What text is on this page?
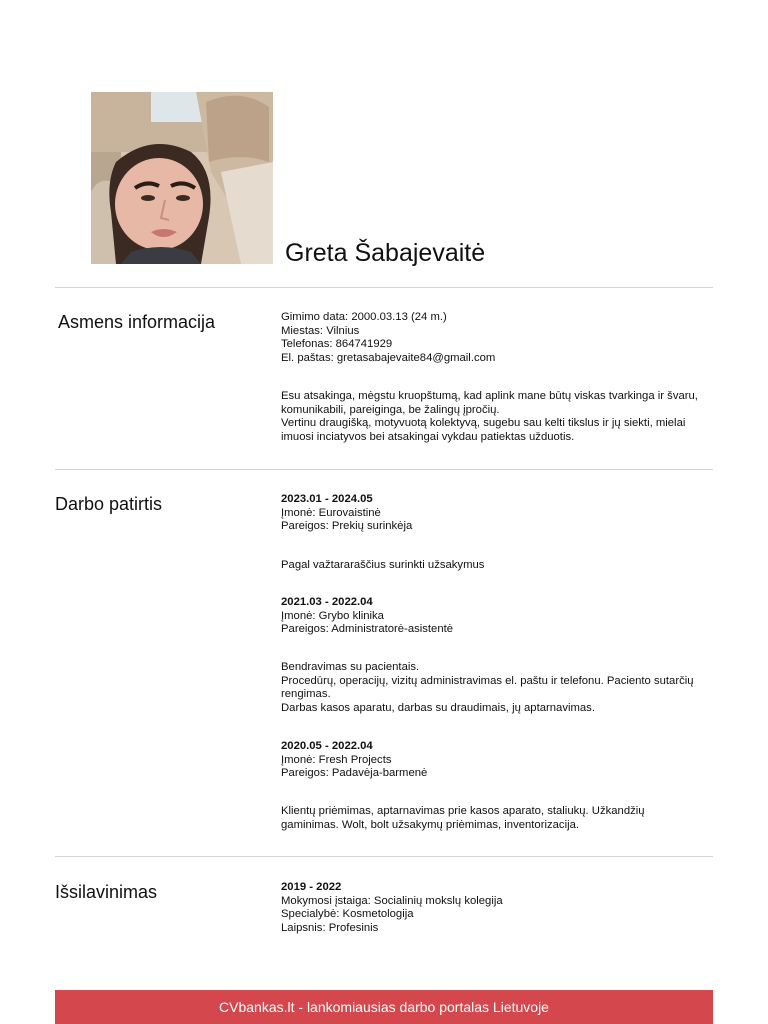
Greta Šabajevaitė
Asmens informacija	Gimimo data: 2000.03.13 (24 m.)
Miestas: Vilnius
Telefonas: 864741929
El. paštas: gretasabajevaite84@gmail.com
Esu atsakinga, mėgstu kruopštumą, kad aplink mane būtų viskas tvarkinga ir švaru,
komunikabili, pareiginga, be žalingų įpročių.
Vertinu draugišką, motyvuotą kolektyvą, sugebu sau kelti tikslus ir jų siekti, mielai
imuosi inciatyvos bei atsakingai vykdau patiektas užduotis.
Darbo patirtis	2023.01 - 2024.05
Įmonė: Eurovaistinė
Pareigos: Prekių surinkėja
Pagal važtararaščius surinkti užsakymus
2021.03 - 2022.04
Įmonė: Grybo klinika
Pareigos: Administratorė-asistentė
Bendravimas su pacientais.
Procedūrų, operacijų, vizitų administravimas el. paštu ir telefonu. Paciento sutarčių
rengimas.
Darbas kasos aparatu, darbas su draudimais, jų aptarnavimas.
2020.05 - 2022.04
Įmonė: Fresh Projects
Pareigos: Padavėja-barmenė
Klientų priėmimas, aptarnavimas prie kasos aparato, staliukų. Užkandžių
gaminimas. Wolt, bolt užsakymų priėmimas, inventorizacija.
Išsilavinimas	2019 - 2022
Mokymosi įstaiga: Socialinių mokslų kolegija
Specialybė: Kosmetologija
Laipsnis: Profesinis
CVbankas.lt - lankomiausias darbo portalas Lietuvoje
